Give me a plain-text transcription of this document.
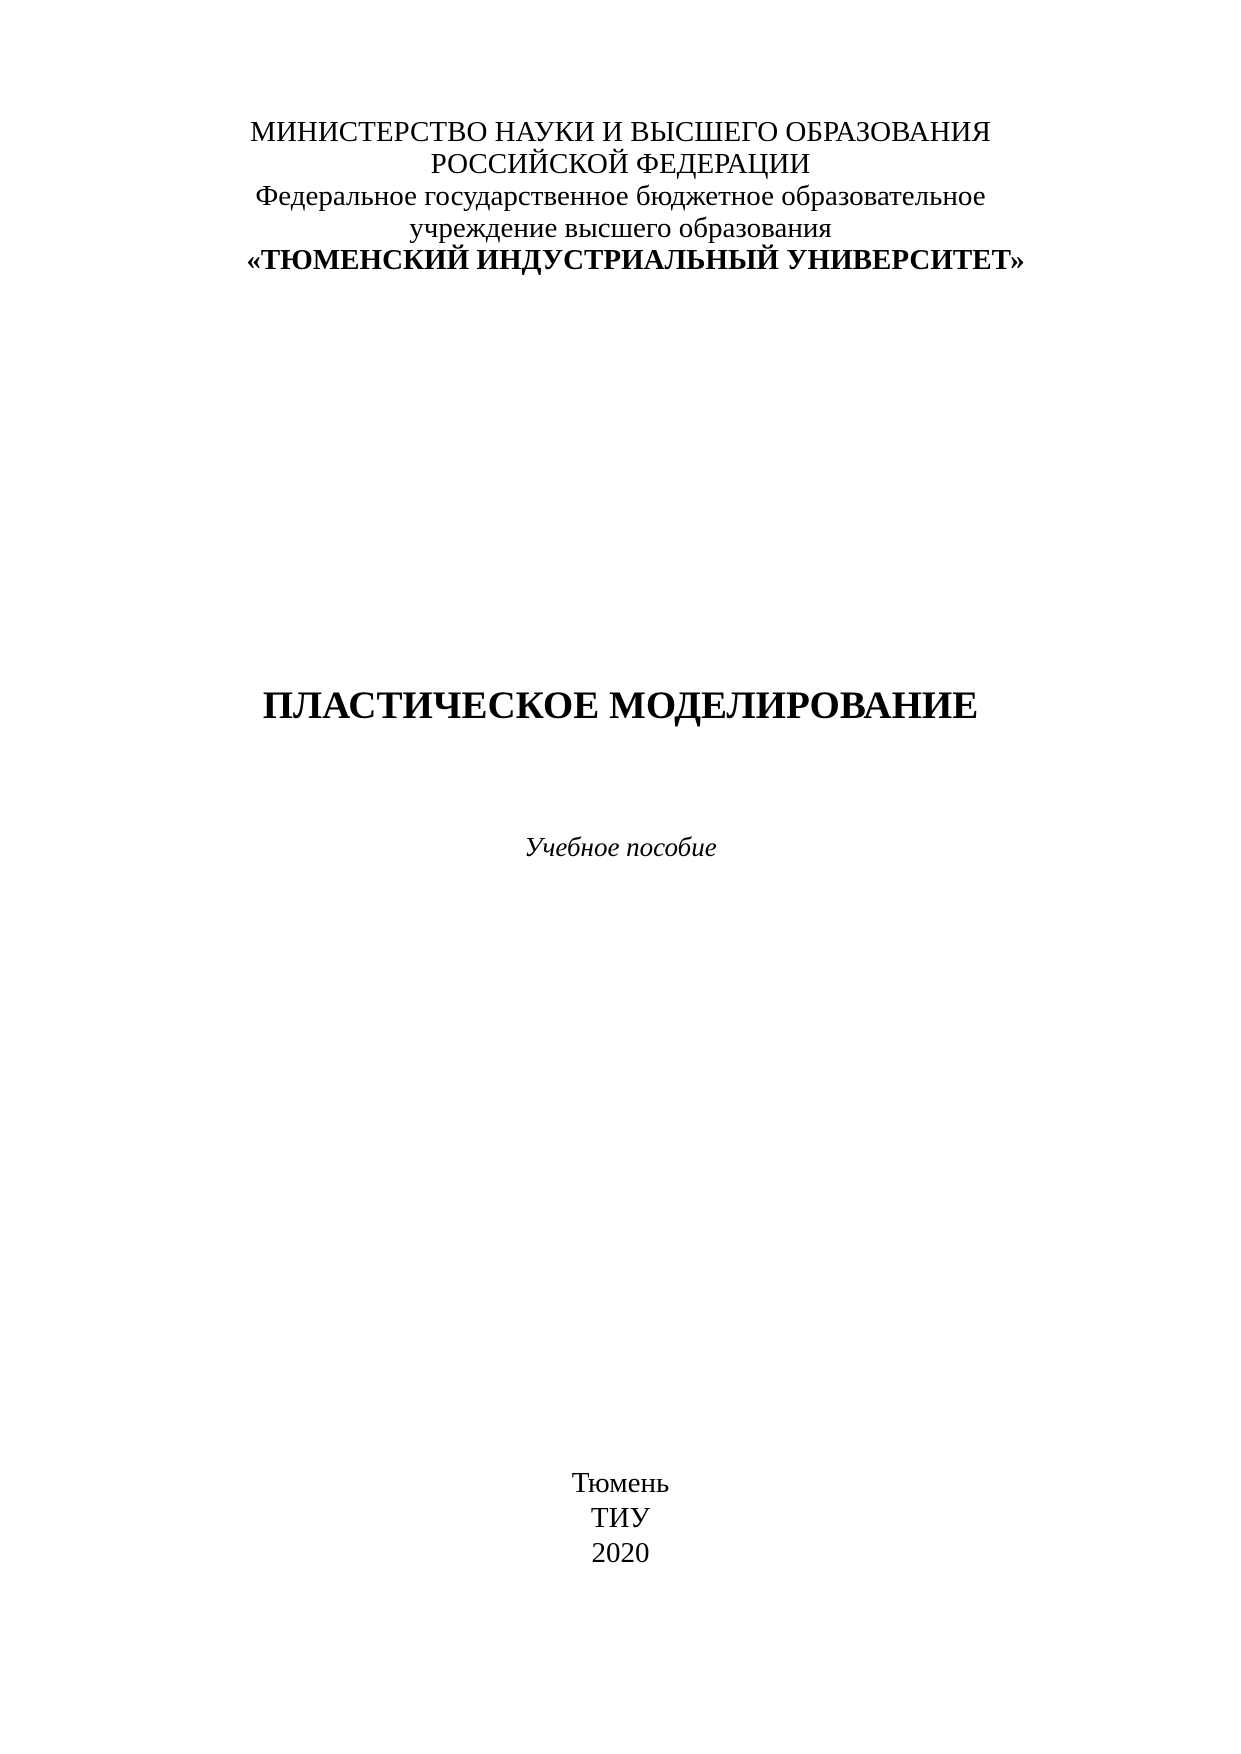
МИНИСТЕРСТВО НАУКИ И ВЫСШЕГО ОБРАЗОВАНИЯ
РОССИЙСКОЙ ФЕДЕРАЦИИ
Федеральное государственное бюджетное образовательное
учреждение высшего образования
«ТЮМЕНСКИЙ ИНДУСТРИАЛЬНЫЙ УНИВЕРСИТЕТ»
ПЛАСТИЧЕСКОЕ МОДЕЛИРОВАНИЕ
Учебное пособие
Тюмень
ТИУ
2020
